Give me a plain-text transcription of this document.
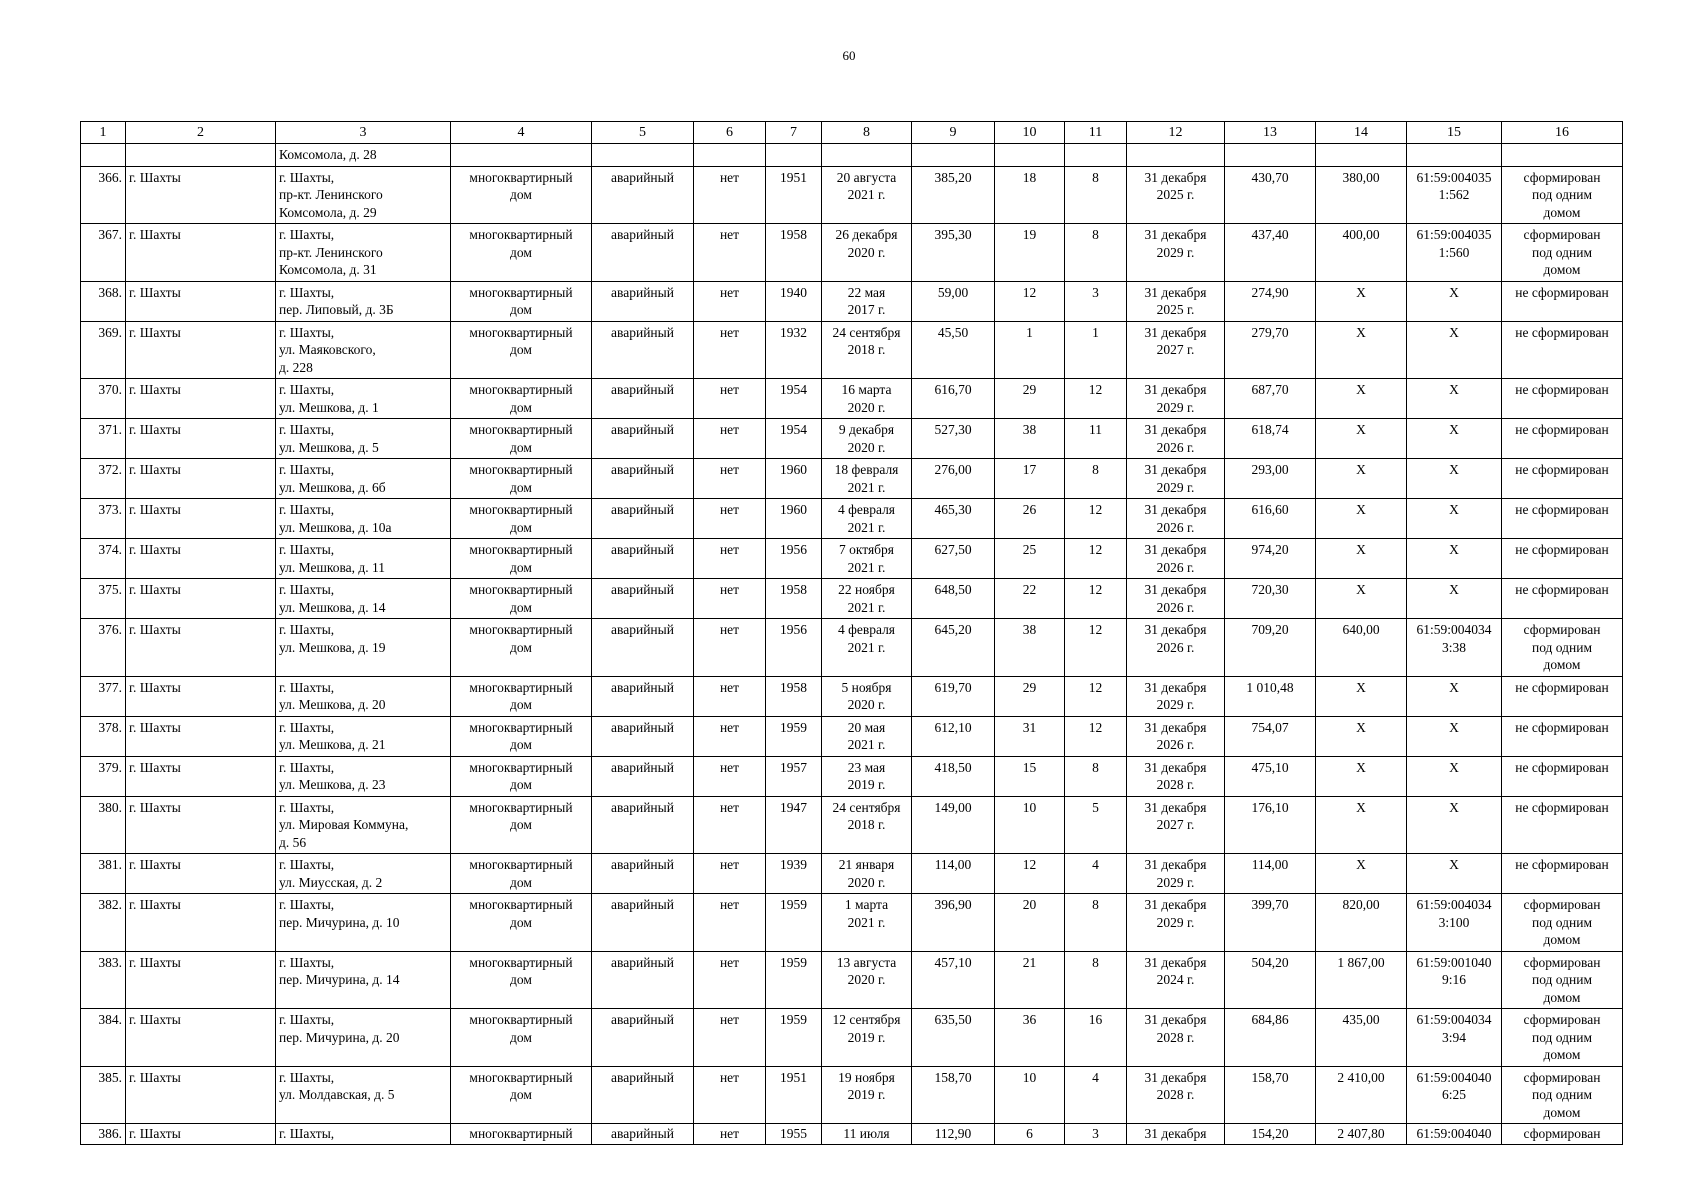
60
1	2	3	4	5	6	7	8	9	10	11	12	13	14	15	16
		Комсомола, д. 28													
366.	г. Шахты	г. Шахты,
пр-кт. Ленинского
Комсомола, д. 29	многоквартирный
дом	аварийный	нет	1951	20 августа
2021 г.	385,20	18	8	31 декабря
2025 г.	430,70	380,00	61:59:004035
1:562	сформирован
под одним
домом
367.	г. Шахты	г. Шахты,
пр-кт. Ленинского
Комсомола, д. 31	многоквартирный
дом	аварийный	нет	1958	26 декабря
2020 г.	395,30	19	8	31 декабря
2029 г.	437,40	400,00	61:59:004035
1:560	сформирован
под одним
домом
368.	г. Шахты	г. Шахты,
пер. Липовый, д. 3Б	многоквартирный
дом	аварийный	нет	1940	22 мая
2017 г.	59,00	12	3	31 декабря
2025 г.	274,90	X	X	не сформирован
369.	г. Шахты	г. Шахты,
ул. Маяковского,
д. 228	многоквартирный
дом	аварийный	нет	1932	24 сентября
2018 г.	45,50	1	1	31 декабря
2027 г.	279,70	X	X	не сформирован
370.	г. Шахты	г. Шахты,
ул. Мешкова, д. 1	многоквартирный
дом	аварийный	нет	1954	16 марта
2020 г.	616,70	29	12	31 декабря
2029 г.	687,70	X	X	не сформирован
371.	г. Шахты	г. Шахты,
ул. Мешкова, д. 5	многоквартирный
дом	аварийный	нет	1954	9 декабря
2020 г.	527,30	38	11	31 декабря
2026 г.	618,74	X	X	не сформирован
372.	г. Шахты	г. Шахты,
ул. Мешкова, д. 6б	многоквартирный
дом	аварийный	нет	1960	18 февраля
2021 г.	276,00	17	8	31 декабря
2029 г.	293,00	X	X	не сформирован
373.	г. Шахты	г. Шахты,
ул. Мешкова, д. 10а	многоквартирный
дом	аварийный	нет	1960	4 февраля
2021 г.	465,30	26	12	31 декабря
2026 г.	616,60	X	X	не сформирован
374.	г. Шахты	г. Шахты,
ул. Мешкова, д. 11	многоквартирный
дом	аварийный	нет	1956	7 октября
2021 г.	627,50	25	12	31 декабря
2026 г.	974,20	X	X	не сформирован
375.	г. Шахты	г. Шахты,
ул. Мешкова, д. 14	многоквартирный
дом	аварийный	нет	1958	22 ноября
2021 г.	648,50	22	12	31 декабря
2026 г.	720,30	X	X	не сформирован
376.	г. Шахты	г. Шахты,
ул. Мешкова, д. 19	многоквартирный
дом	аварийный	нет	1956	4 февраля
2021 г.	645,20	38	12	31 декабря
2026 г.	709,20	640,00	61:59:004034
3:38	сформирован
под одним
домом
377.	г. Шахты	г. Шахты,
ул. Мешкова, д. 20	многоквартирный
дом	аварийный	нет	1958	5 ноября
2020 г.	619,70	29	12	31 декабря
2029 г.	1 010,48	X	X	не сформирован
378.	г. Шахты	г. Шахты,
ул. Мешкова, д. 21	многоквартирный
дом	аварийный	нет	1959	20 мая
2021 г.	612,10	31	12	31 декабря
2026 г.	754,07	X	X	не сформирован
379.	г. Шахты	г. Шахты,
ул. Мешкова, д. 23	многоквартирный
дом	аварийный	нет	1957	23 мая
2019 г.	418,50	15	8	31 декабря
2028 г.	475,10	X	X	не сформирован
380.	г. Шахты	г. Шахты,
ул. Мировая Коммуна,
д. 56	многоквартирный
дом	аварийный	нет	1947	24 сентября
2018 г.	149,00	10	5	31 декабря
2027 г.	176,10	X	X	не сформирован
381.	г. Шахты	г. Шахты,
ул. Миусская, д. 2	многоквартирный
дом	аварийный	нет	1939	21 января
2020 г.	114,00	12	4	31 декабря
2029 г.	114,00	X	X	не сформирован
382.	г. Шахты	г. Шахты,
пер. Мичурина, д. 10	многоквартирный
дом	аварийный	нет	1959	1 марта
2021 г.	396,90	20	8	31 декабря
2029 г.	399,70	820,00	61:59:004034
3:100	сформирован
под одним
домом
383.	г. Шахты	г. Шахты,
пер. Мичурина, д. 14	многоквартирный
дом	аварийный	нет	1959	13 августа
2020 г.	457,10	21	8	31 декабря
2024 г.	504,20	1 867,00	61:59:001040
9:16	сформирован
под одним
домом
384.	г. Шахты	г. Шахты,
пер. Мичурина, д. 20	многоквартирный
дом	аварийный	нет	1959	12 сентября
2019 г.	635,50	36	16	31 декабря
2028 г.	684,86	435,00	61:59:004034
3:94	сформирован
под одним
домом
385.	г. Шахты	г. Шахты,
ул. Молдавская, д. 5	многоквартирный
дом	аварийный	нет	1951	19 ноября
2019 г.	158,70	10	4	31 декабря
2028 г.	158,70	2 410,00	61:59:004040
6:25	сформирован
под одним
домом
386.	г. Шахты	г. Шахты,	многоквартирный	аварийный	нет	1955	11 июля	112,90	6	3	31 декабря	154,20	2 407,80	61:59:004040	сформирован
